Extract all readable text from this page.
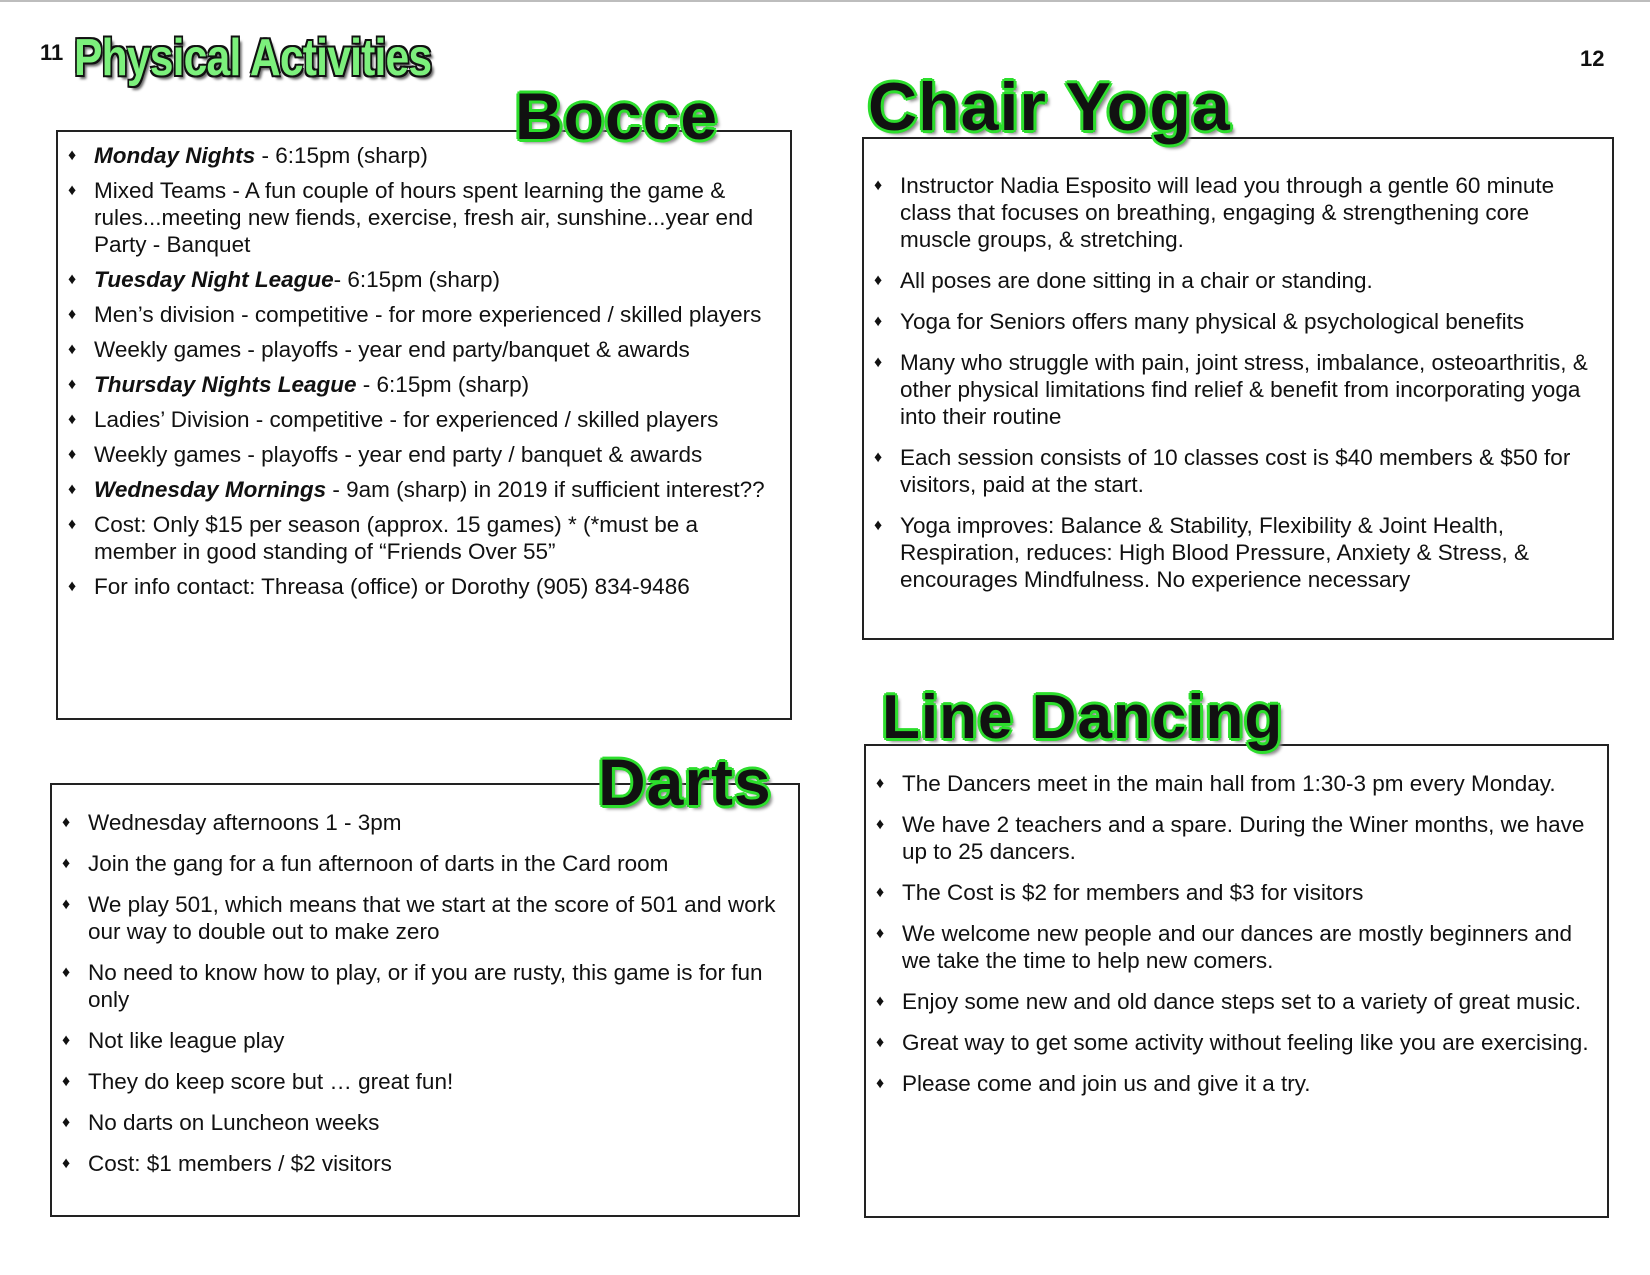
11	12
Physical Activities
♦ Monday Nights - 6:15pm (sharp)
♦ Mixed Teams - A fun couple of hours spent learning the game & rules...meeting new fiends, exercise, fresh air, sunshine...year end Party - Banquet
♦ Tuesday Night League- 6:15pm (sharp)
♦ Men’s division - competitive - for more experienced / skilled players
♦ Weekly games - playoffs - year end party/banquet & awards
♦ Thursday Nights League - 6:15pm (sharp)
♦ Ladies’ Division - competitive - for experienced / skilled players
♦ Weekly games - playoffs - year end party / banquet & awards
♦ Wednesday Mornings - 9am (sharp) in 2019 if sufficient interest??
♦ Cost: Only $15 per season (approx. 15 games) * (*must be a member in good standing of “Friends Over 55”
♦ For info contact: Threasa (office) or Dorothy (905) 834-9486
Bocce
♦ Wednesday afternoons 1 - 3pm
♦ Join the gang for a fun afternoon of darts in the Card room
♦ We play 501, which means that we start at the score of 501 and work our way to double out to make zero
♦ No need to know how to play, or if you are rusty, this game is for fun only
♦ Not like league play
♦ They do keep score but … great fun!
♦ No darts on Luncheon weeks
♦ Cost: $1 members / $2 visitors
Darts
♦ Instructor Nadia Esposito will lead you through a gentle 60 minute class that focuses on breathing, engaging & strengthening core muscle groups, & stretching.
♦ All poses are done sitting in a chair or standing.
♦ Yoga for Seniors offers many physical & psychological benefits
♦ Many who struggle with pain, joint stress, imbalance, osteoarthritis, & other physical limitations find relief & benefit from incorporating yoga into their routine
♦ Each session consists of 10 classes cost is $40 members & $50 for visitors, paid at the start.
♦ Yoga improves: Balance & Stability, Flexibility & Joint Health, Respiration, reduces: High Blood Pressure, Anxiety & Stress, & encourages Mindfulness. No experience necessary
Chair Yoga
♦ The Dancers meet in the main hall from 1:30-3 pm every Monday.
♦ We have 2 teachers and a spare. During the Winer months, we have up to 25 dancers.
♦ The Cost is $2 for members and $3 for visitors
♦ We welcome new people and our dances are mostly beginners and we take the time to help new comers.
♦ Enjoy some new and old dance steps set to a variety of great music.
♦ Great way to get some activity without feeling like you are exercising.
♦ Please come and join us and give it a try.
Line Dancing
